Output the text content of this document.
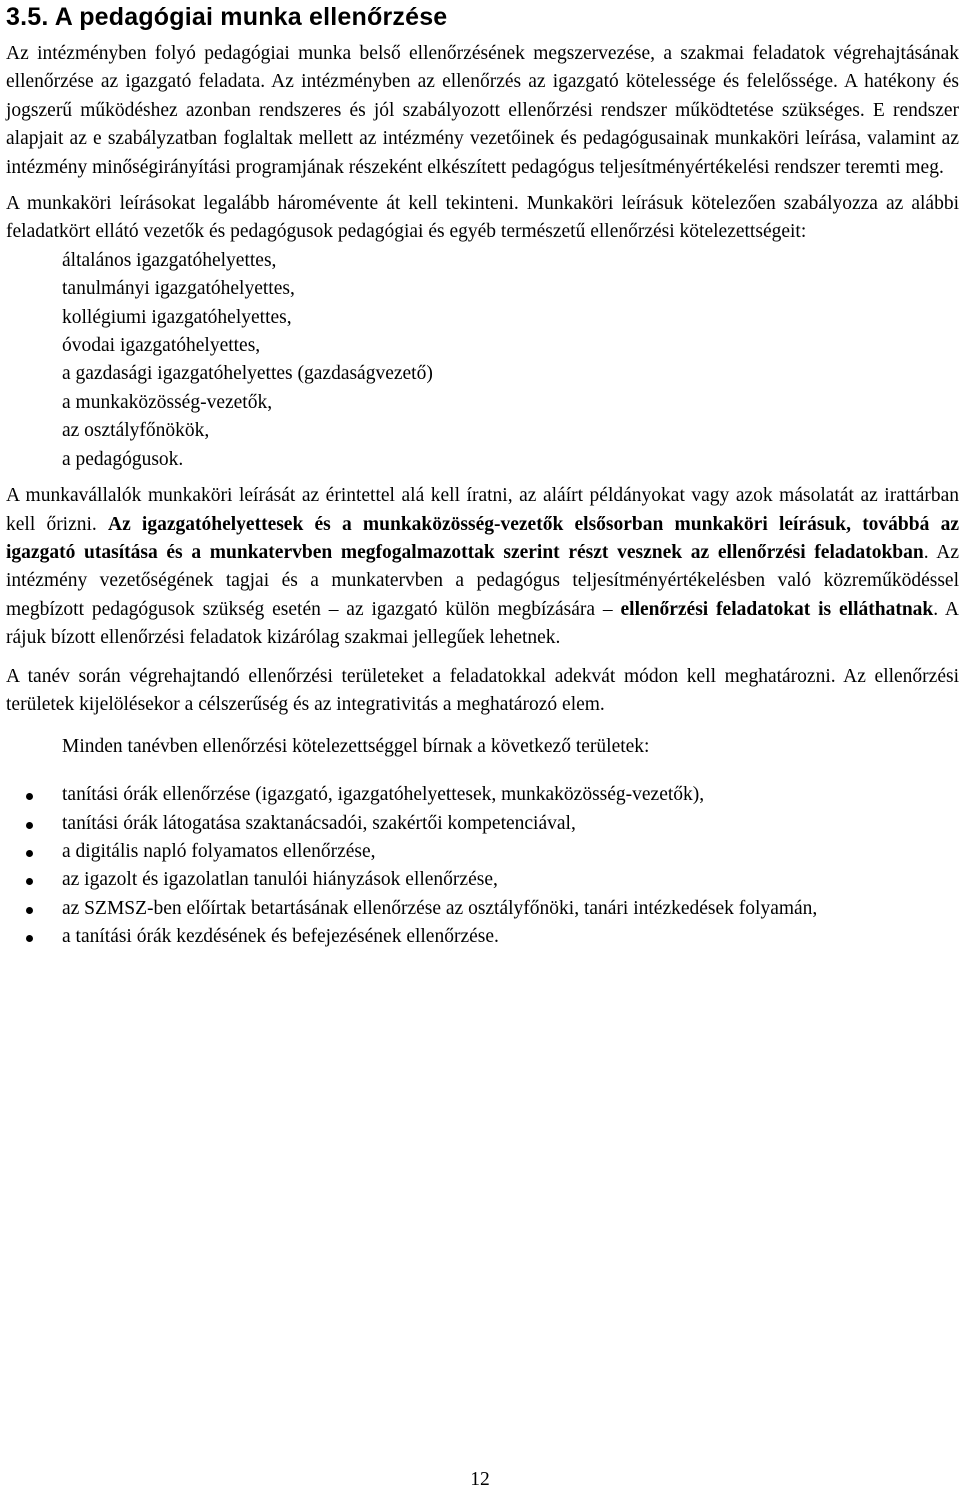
3.5. A pedagógiai munka ellenőrzése

Az intézményben folyó pedagógiai munka belső ellenőrzésének megszervezése, a szakmai feladatok végrehajtásának ellenőrzése az igazgató feladata. Az intézményben az ellenőrzés az igazgató kötelessége és felelőssége. A hatékony és jogszerű működéshez azonban rendszeres és jól szabályozott ellenőrzési rendszer működtetése szükséges. E rendszer alapjait az e szabályzatban foglaltak mellett az intézmény vezetőinek és pedagógusainak munkaköri leírása, valamint az intézmény minőségirányítási programjának részeként elkészített pedagógus teljesítményértékelési rendszer teremti meg.

A munkaköri leírásokat legalább háromévente át kell tekinteni. Munkaköri leírásuk kötelezően szabályozza az alábbi feladatkört ellátó vezetők és pedagógusok pedagógiai és egyéb természetű ellenőrzési kötelezettségeit:

általános igazgatóhelyettes,
tanulmányi igazgatóhelyettes,
kollégiumi igazgatóhelyettes,
óvodai igazgatóhelyettes,
a gazdasági igazgatóhelyettes (gazdaságvezető)
a munkaközösség-vezetők,
az osztályfőnökök,
a pedagógusok.

A munkavállalók munkaköri leírását az érintettel alá kell íratni, az aláírt példányokat vagy azok másolatát az irattárban kell őrizni. Az igazgatóhelyettesek és a munkaközösség-vezetők elsősorban munkaköri leírásuk, továbbá az igazgató utasítása és a munkatervben megfogalmazottak szerint részt vesznek az ellenőrzési feladatokban. Az intézmény vezetőségének tagjai és a munkatervben a pedagógus teljesítményértékelésben való közreműködéssel megbízott pedagógusok szükség esetén – az igazgató külön megbízására – ellenőrzési feladatokat is elláthatnak. A rájuk bízott ellenőrzési feladatok kizárólag szakmai jellegűek lehetnek.

A tanév során végrehajtandó ellenőrzési területeket a feladatokkal adekvát módon kell meghatározni. Az ellenőrzési területek kijelölésekor a célszerűség és az integrativitás a meghatározó elem.

Minden tanévben ellenőrzési kötelezettséggel bírnak a következő területek:

tanítási órák ellenőrzése (igazgató, igazgatóhelyettesek, munkaközösség-vezetők),
tanítási órák látogatása szaktanácsadói, szakértői kompetenciával,
a digitális napló folyamatos ellenőrzése,
az igazolt és igazolatlan tanulói hiányzások ellenőrzése,
az SZMSZ-ben előírtak betartásának ellenőrzése az osztályfőnöki, tanári intézkedések folyamán,
a tanítási órák kezdésének és befejezésének ellenőrzése.
12
